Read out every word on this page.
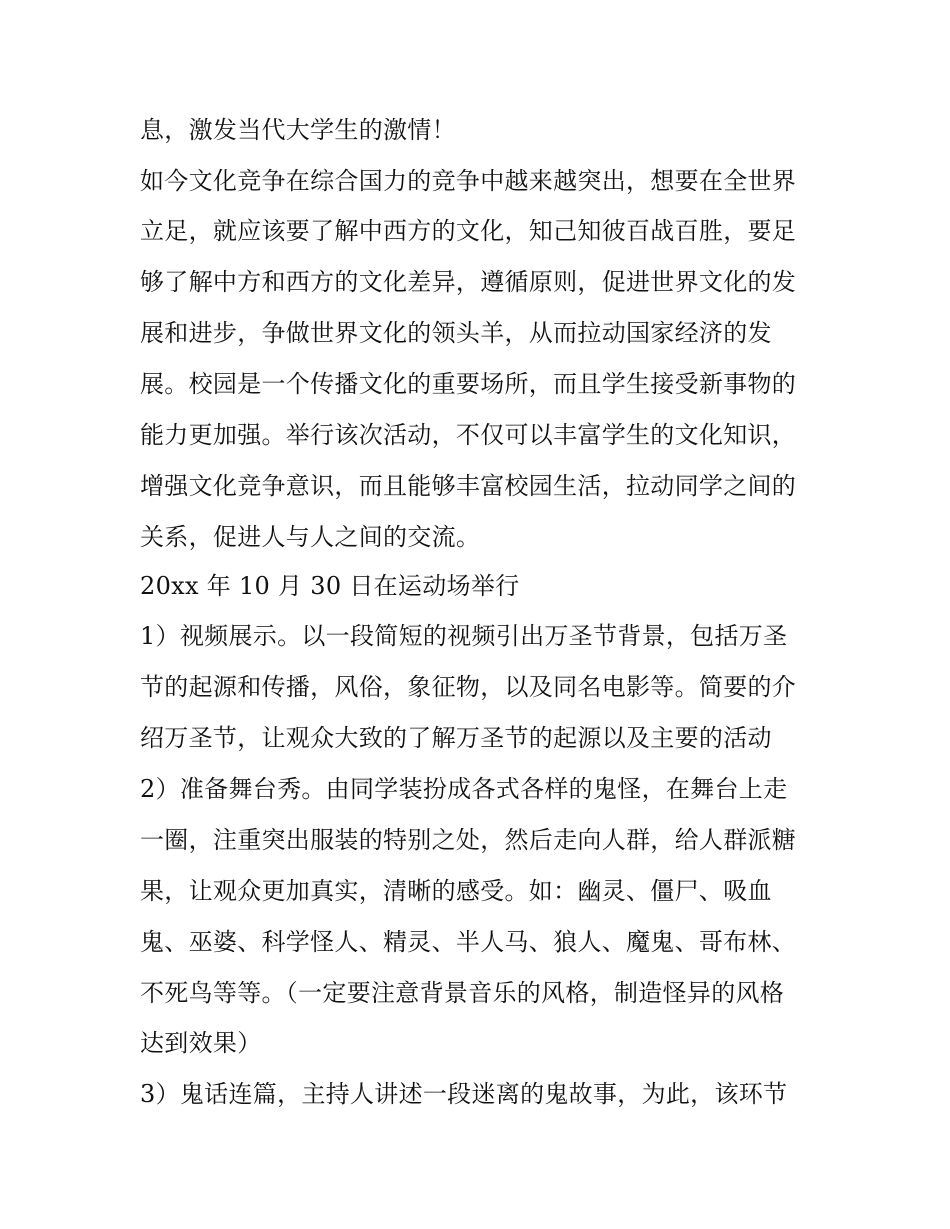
息，激发当代大学生的激情！
如今文化竞争在综合国力的竞争中越来越突出，想要在全世界
立足，就应该要了解中西方的文化，知己知彼百战百胜，要足
够了解中方和西方的文化差异，遵循原则，促进世界文化的发
展和进步，争做世界文化的领头羊，从而拉动国家经济的发
展。校园是一个传播文化的重要场所，而且学生接受新事物的
能力更加强。举行该次活动，不仅可以丰富学生的文化知识，
增强文化竞争意识，而且能够丰富校园生活，拉动同学之间的
关系，促进人与人之间的交流。
20xx 年 10 月 30 日在运动场举行
1）视频展示。以一段简短的视频引出万圣节背景，包括万圣
节的起源和传播，风俗，象征物，以及同名电影等。简要的介
绍万圣节，让观众大致的了解万圣节的起源以及主要的活动
2）准备舞台秀。由同学装扮成各式各样的鬼怪，在舞台上走
一圈，注重突出服装的特别之处，然后走向人群，给人群派糖
果，让观众更加真实，清晰的感受。如：幽灵、僵尸、吸血
鬼、巫婆、科学怪人、精灵、半人马、狼人、魔鬼、哥布林、
不死鸟等等。（一定要注意背景音乐的风格，制造怪异的风格
达到效果）
3）鬼话连篇，主持人讲述一段迷离的鬼故事，为此，该环节
